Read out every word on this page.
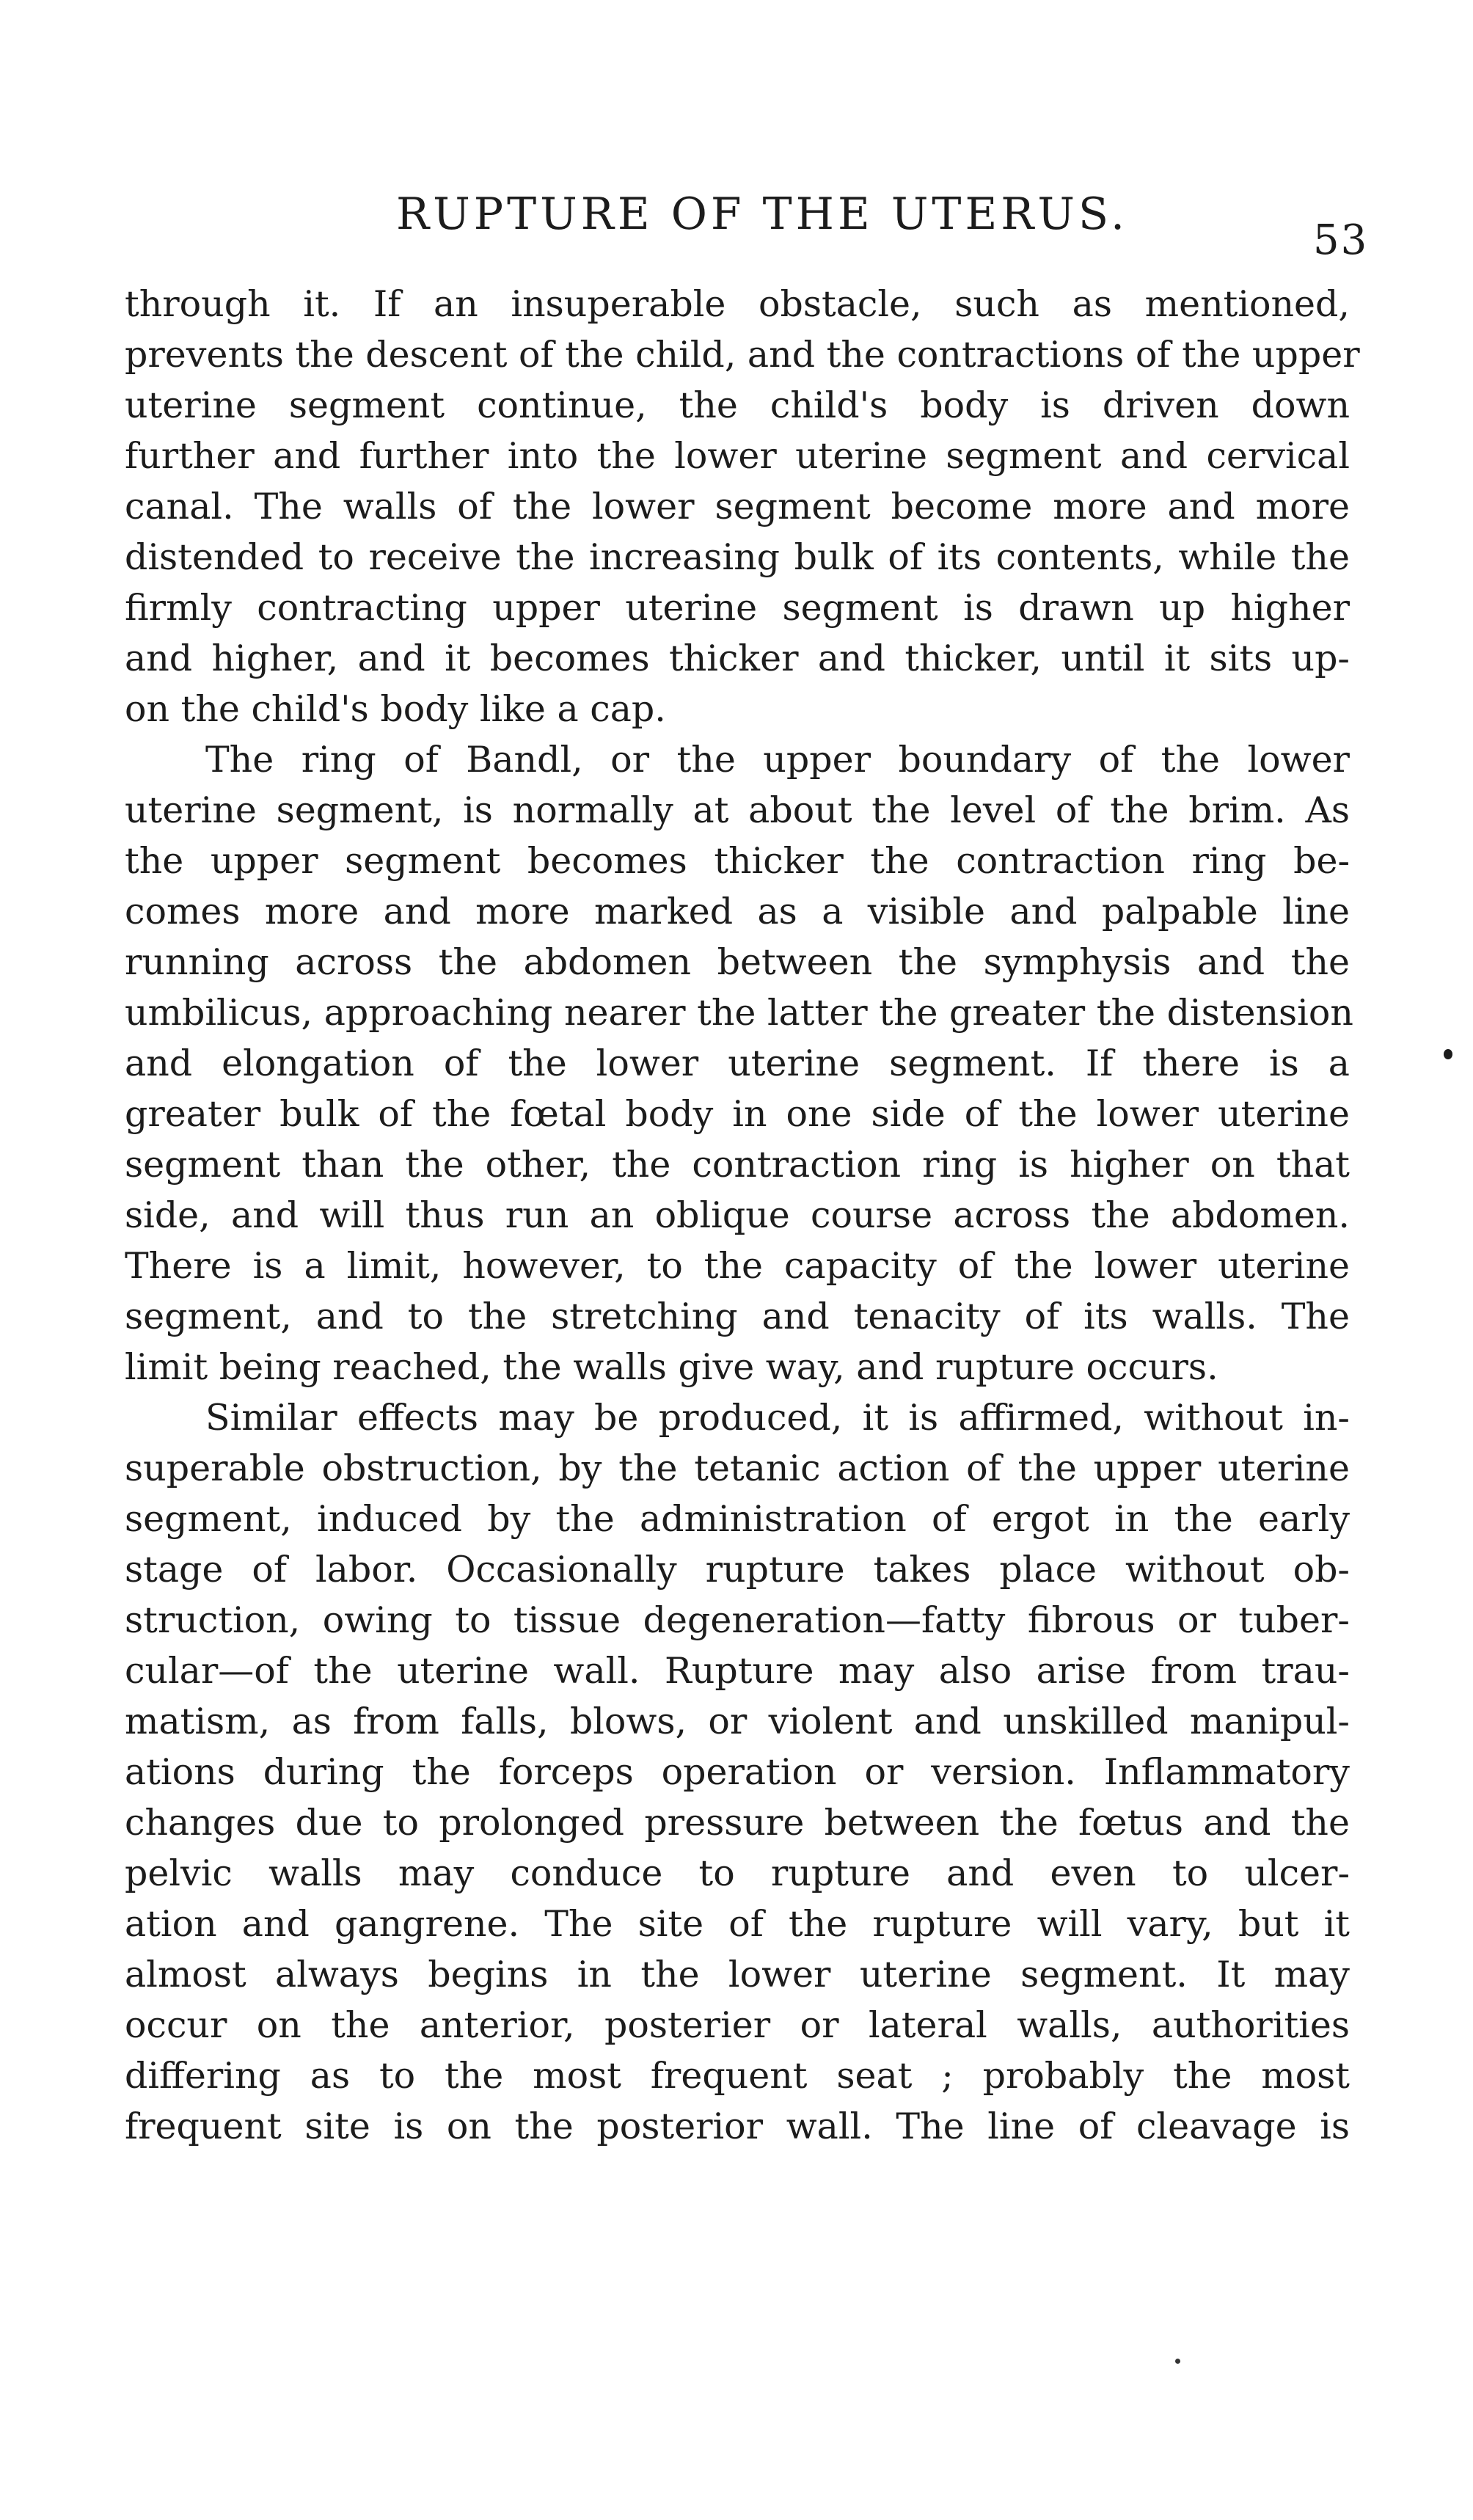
RUPTURE OF THE UTERUS.
53
through it. If an insuperable obstacle, such as mentioned,
prevents the descent of the child, and the contractions of the upper
uterine segment continue, the child's body is driven down
further and further into the lower uterine segment and cervical
canal. The walls of the lower segment become more and more
distended to receive the increasing bulk of its contents, while the
firmly contracting upper uterine segment is drawn up higher
and higher, and it becomes thicker and thicker, until it sits up-
on the child's body like a cap.
The ring of Bandl, or the upper boundary of the lower
uterine segment, is normally at about the level of the brim. As
the upper segment becomes thicker the contraction ring be-
comes more and more marked as a visible and palpable line
running across the abdomen between the symphysis and the
umbilicus, approaching nearer the latter the greater the distension
and elongation of the lower uterine segment. If there is a
greater bulk of the fœtal body in one side of the lower uterine
segment than the other, the contraction ring is higher on that
side, and will thus run an oblique course across the abdomen.
There is a limit, however, to the capacity of the lower uterine
segment, and to the stretching and tenacity of its walls. The
limit being reached, the walls give way, and rupture occurs.
Similar effects may be produced, it is affirmed, without in-
superable obstruction, by the tetanic action of the upper uterine
segment, induced by the administration of ergot in the early
stage of labor. Occasionally rupture takes place without ob-
struction, owing to tissue degeneration—fatty fibrous or tuber-
cular—of the uterine wall. Rupture may also arise from trau-
matism, as from falls, blows, or violent and unskilled manipul-
ations during the forceps operation or version. Inflammatory
changes due to prolonged pressure between the fœtus and the
pelvic walls may conduce to rupture and even to ulcer-
ation and gangrene. The site of the rupture will vary, but it
almost always begins in the lower uterine segment. It may
occur on the anterior, posterier or lateral walls, authorities
differing as to the most frequent seat ; probably the most
frequent site is on the posterior wall. The line of cleavage is
